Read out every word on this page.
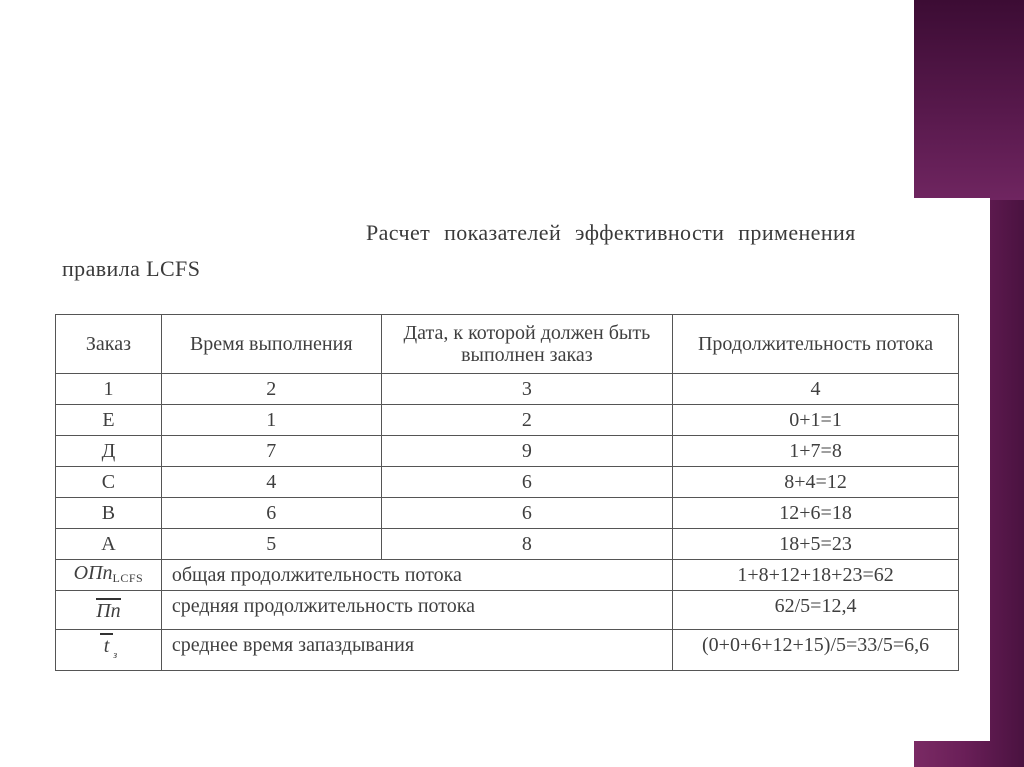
Расчет показателей эффективности применения
правила LCFS
Заказ	Время выполнения	Дата, к которой должен быть выполнен заказ	Продолжительность потока
1	2	3	4
E	1	2	0+1=1
Д	7	9	1+7=8
C	4	6	8+4=12
B	6	6	12+6=18
A	5	8	18+5=23
ОПп$_{LCFS}$	общая продолжительность потока		1+8+12+18+23=62
Пп	средняя продолжительность потока		62/5=12,4
t $_з$	среднее время запаздывания		(0+0+6+12+15)/5=33/5=6,6
